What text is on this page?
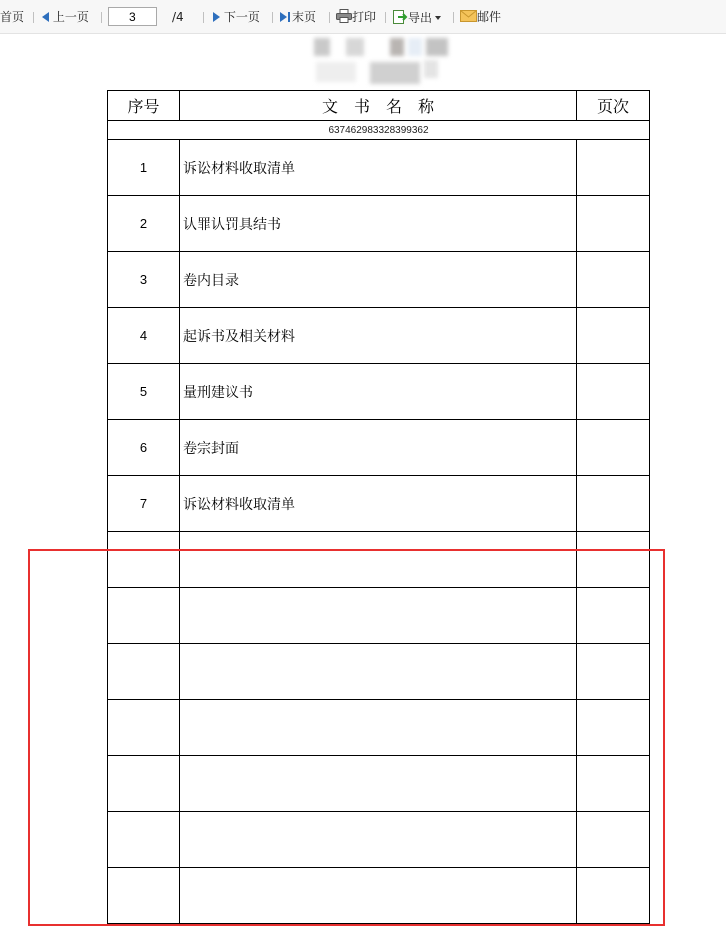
首页	上一页
3	/4	下一页	末页	打印	导出	邮件
序号	文　书　名　称	页次
637462983328399362		
1	诉讼材料收取清单	
2	认罪认罚具结书	
3	卷内目录	
4	起诉书及相关材料	
5	量刑建议书	
6	卷宗封面	
7	诉讼材料收取清单	
